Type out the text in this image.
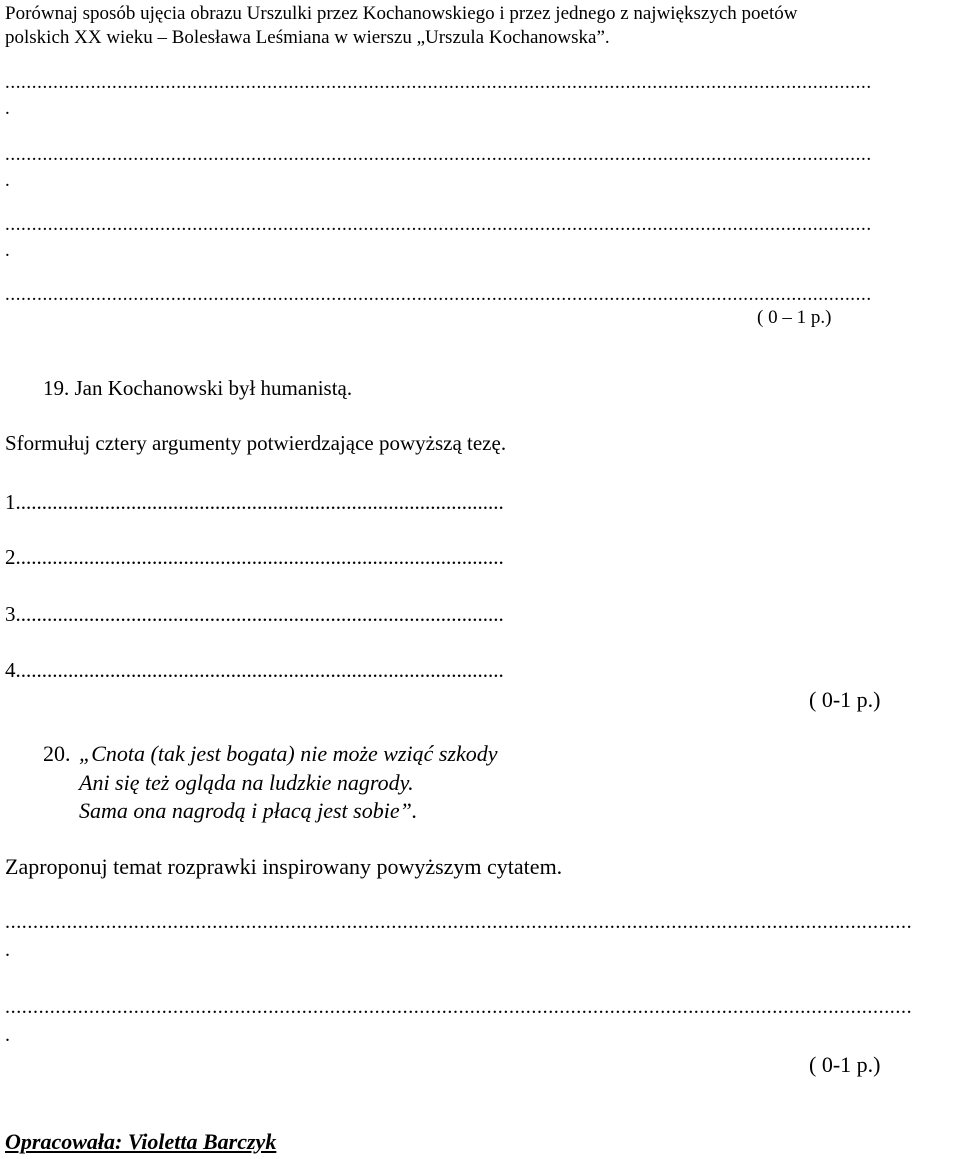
Porównaj sposób ujęcia obrazu Urszulki przez Kochanowskiego i przez jednego z największych poetów
polskich XX wieku – Bolesława Leśmiana w wierszu „Urszula Kochanowska”.
..................................................................................................................................................................
.
..................................................................................................................................................................
.
..................................................................................................................................................................
.
..................................................................................................................................................................
( 0 – 1 p.)
19. Jan Kochanowski był humanistą.
Sformułuj cztery argumenty potwierdzające powyższą tezę.
1.............................................................................................
2.............................................................................................
3.............................................................................................
4.............................................................................................
( 0-1 p.)
20. „Cnota (tak jest bogata) nie może wziąć szkody
Ani się też ogląda na ludzkie nagrody.
Sama ona nagrodą i płacą jest sobie”.
Zaproponuj temat rozprawki inspirowany powyższym cytatem.
..................................................................................................................................................................
.
..................................................................................................................................................................
.
( 0-1 p.)
Opracowała: Violetta Barczyk
